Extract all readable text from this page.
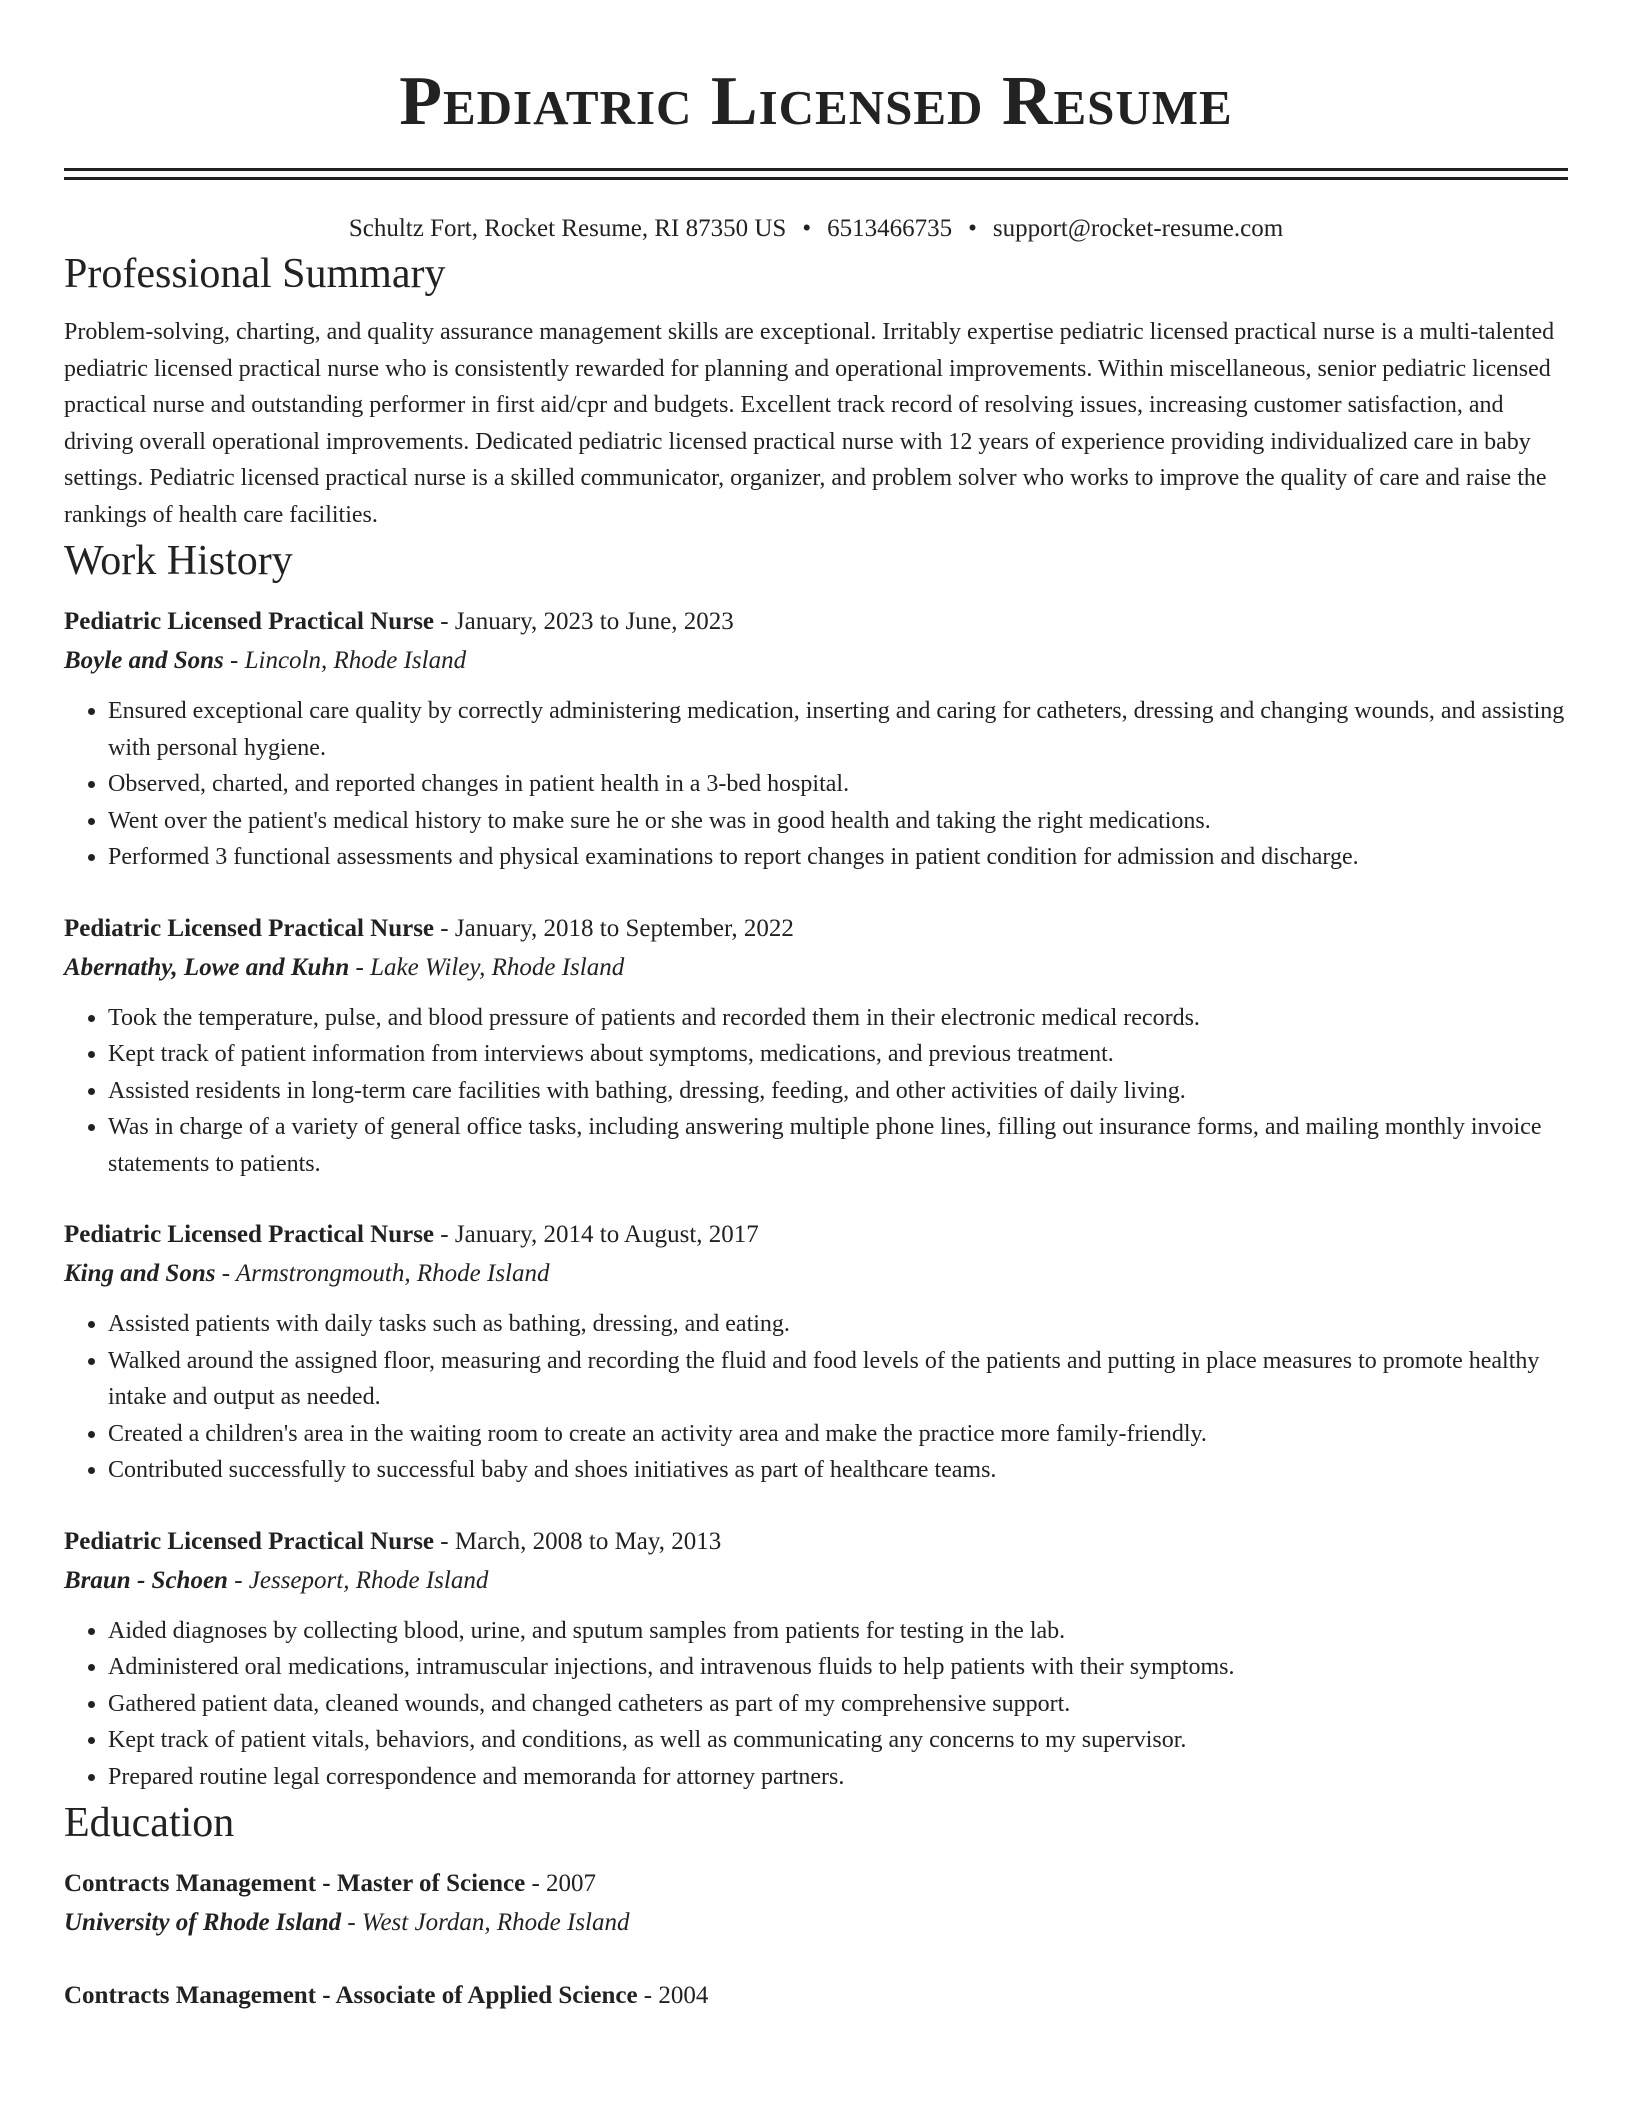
Pediatric Licensed Resume
Schultz Fort, Rocket Resume, RI 87350 US • 6513466735 • support@rocket-resume.com
Professional Summary

Problem-solving, charting, and quality assurance management skills are exceptional. Irritably expertise pediatric licensed practical nurse is a multi-talented pediatric licensed practical nurse who is consistently rewarded for planning and operational improvements. Within miscellaneous, senior pediatric licensed practical nurse and outstanding performer in first aid/cpr and budgets. Excellent track record of resolving issues, increasing customer satisfaction, and driving overall operational improvements. Dedicated pediatric licensed practical nurse with 12 years of experience providing individualized care in baby settings. Pediatric licensed practical nurse is a skilled communicator, organizer, and problem solver who works to improve the quality of care and raise the rankings of health care facilities.

Work History
Pediatric Licensed Practical Nurse - January, 2023 to June, 2023
Boyle and Sons - Lincoln, Rhode Island
• Ensured exceptional care quality by correctly administering medication, inserting and caring for catheters, dressing and changing wounds, and assisting with personal hygiene.
• Observed, charted, and reported changes in patient health in a 3-bed hospital.
• Went over the patient's medical history to make sure he or she was in good health and taking the right medications.
• Performed 3 functional assessments and physical examinations to report changes in patient condition for admission and discharge.
Pediatric Licensed Practical Nurse - January, 2018 to September, 2022
Abernathy, Lowe and Kuhn - Lake Wiley, Rhode Island
• Took the temperature, pulse, and blood pressure of patients and recorded them in their electronic medical records.
• Kept track of patient information from interviews about symptoms, medications, and previous treatment.
• Assisted residents in long-term care facilities with bathing, dressing, feeding, and other activities of daily living.
• Was in charge of a variety of general office tasks, including answering multiple phone lines, filling out insurance forms, and mailing monthly invoice statements to patients.
Pediatric Licensed Practical Nurse - January, 2014 to August, 2017
King and Sons - Armstrongmouth, Rhode Island
• Assisted patients with daily tasks such as bathing, dressing, and eating.
• Walked around the assigned floor, measuring and recording the fluid and food levels of the patients and putting in place measures to promote healthy intake and output as needed.
• Created a children's area in the waiting room to create an activity area and make the practice more family-friendly.
• Contributed successfully to successful baby and shoes initiatives as part of healthcare teams.
Pediatric Licensed Practical Nurse - March, 2008 to May, 2013
Braun - Schoen - Jesseport, Rhode Island
• Aided diagnoses by collecting blood, urine, and sputum samples from patients for testing in the lab.
• Administered oral medications, intramuscular injections, and intravenous fluids to help patients with their symptoms.
• Gathered patient data, cleaned wounds, and changed catheters as part of my comprehensive support.
• Kept track of patient vitals, behaviors, and conditions, as well as communicating any concerns to my supervisor.
• Prepared routine legal correspondence and memoranda for attorney partners.
Education
Contracts Management - Master of Science - 2007
University of Rhode Island - West Jordan, Rhode Island
Contracts Management - Associate of Applied Science - 2004
